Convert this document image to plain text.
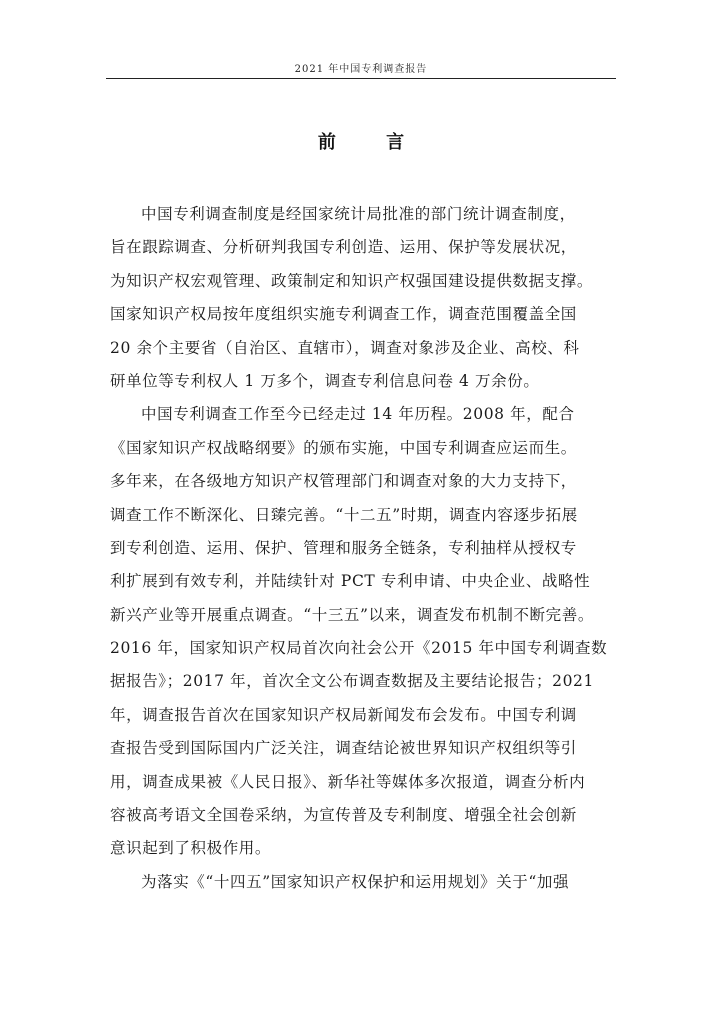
2021 年中国专利调查报告
前 言
中国专利调查制度是经国家统计局批准的部门统计调查制度，
旨在跟踪调查、分析研判我国专利创造、运用、保护等发展状况，
为知识产权宏观管理、政策制定和知识产权强国建设提供数据支撑。
国家知识产权局按年度组织实施专利调查工作，调查范围覆盖全国
20 余个主要省（自治区、直辖市），调查对象涉及企业、高校、科
研单位等专利权人 1 万多个，调查专利信息问卷 4 万余份。
中国专利调查工作至今已经走过 14 年历程。2008 年，配合
《国家知识产权战略纲要》的颁布实施，中国专利调查应运而生。
多年来，在各级地方知识产权管理部门和调查对象的大力支持下，
调查工作不断深化、日臻完善。“十二五”时期，调查内容逐步拓展
到专利创造、运用、保护、管理和服务全链条，专利抽样从授权专
利扩展到有效专利，并陆续针对 PCT 专利申请、中央企业、战略性
新兴产业等开展重点调查。“十三五”以来，调查发布机制不断完善。
2016 年，国家知识产权局首次向社会公开《2015 年中国专利调查数
据报告》；2017 年，首次全文公布调查数据及主要结论报告；2021
年，调查报告首次在国家知识产权局新闻发布会发布。中国专利调
查报告受到国际国内广泛关注，调查结论被世界知识产权组织等引
用，调查成果被《人民日报》、新华社等媒体多次报道，调查分析内
容被高考语文全国卷采纳，为宣传普及专利制度、增强全社会创新
意识起到了积极作用。
为落实《“十四五”国家知识产权保护和运用规划》关于“加强
